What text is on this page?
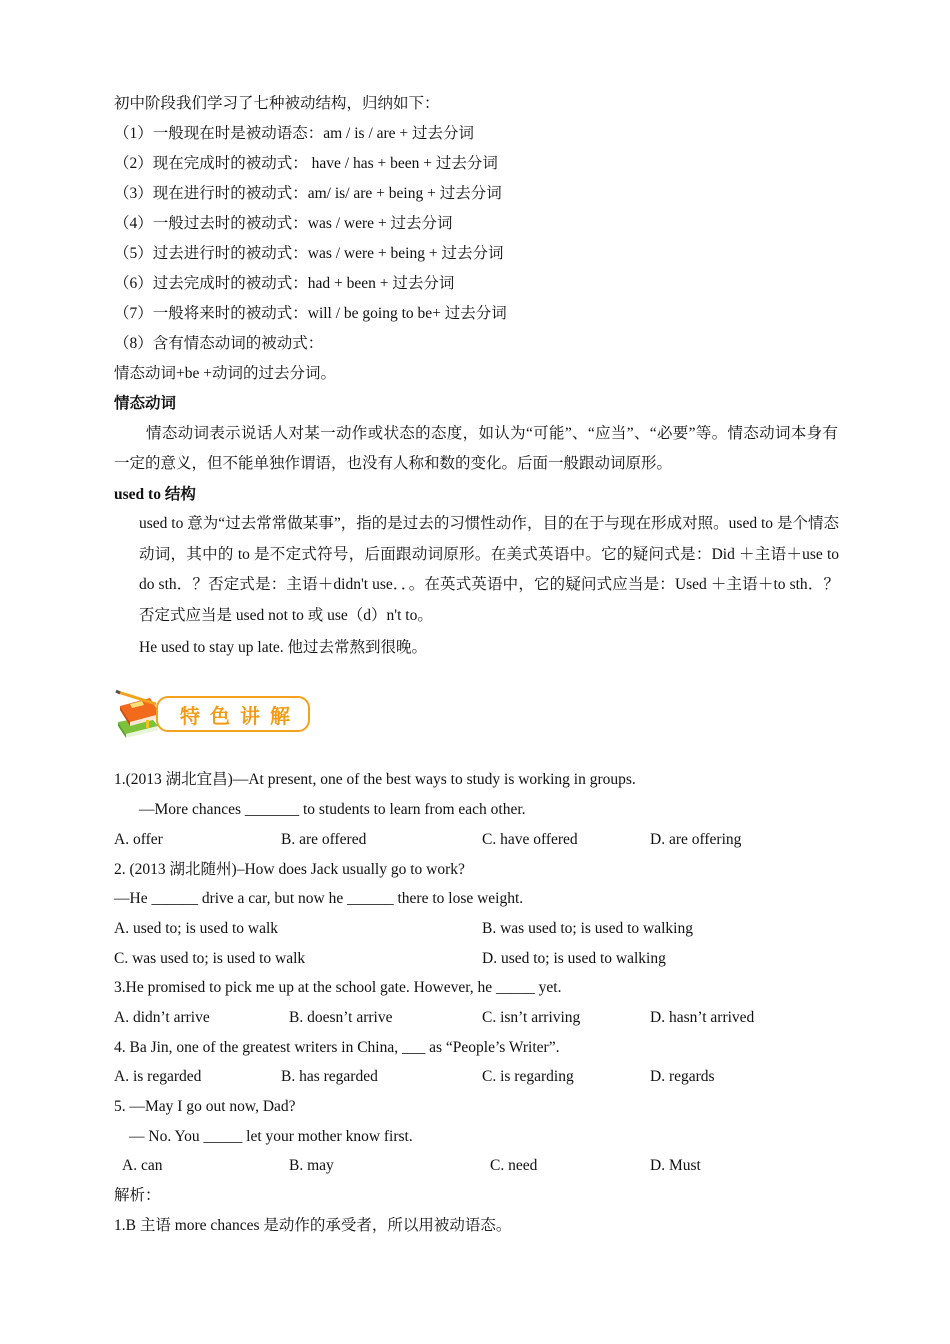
初中阶段我们学习了七种被动结构，归纳如下：
（1）一般现在时是被动语态：am / is / are + 过去分词
（2）现在完成时的被动式： have / has + been + 过去分词
（3）现在进行时的被动式：am/ is/ are + being + 过去分词
（4）一般过去时的被动式：was / were + 过去分词
（5）过去进行时的被动式：was / were + being + 过去分词
（6）过去完成时的被动式：had + been + 过去分词
（7）一般将来时的被动式：will / be going to be+ 过去分词
（8）含有情态动词的被动式：
情态动词+be +动词的过去分词。
情态动词
情态动词表示说话人对某一动作或状态的态度，如认为“可能”、“应当”、“必要”等。情态动词本身有一定的意义，但不能单独作谓语，也没有人称和数的变化。后面一般跟动词原形。
used to 结构
used to 意为“过去常常做某事”，指的是过去的习惯性动作，目的在于与现在形成对照。used to 是个情态动词，其中的 to 是不定式符号，后面跟动词原形。在美式英语中。它的疑问式是：Did ＋主语＋use to do sth．？否定式是：主语＋didn't use．．。在英式英语中，它的疑问式应当是：Used ＋主语＋to sth．？否定式应当是 used not to 或 use（d）n't to。
He used to stay up late. 他过去常熬到很晚。
特色讲解
1.(2013 湖北宜昌)—At present, one of the best ways to study is working in groups.
—More chances _______ to students to learn from each other.
A. offer	B. are offered	C. have offered	D. are offering
2. (2013 湖北随州)–How does Jack usually go to work?
—He ______ drive a car, but now he ______ there to lose weight.
A. used to; is used to walk	B. was used to; is used to walking
C. was used to; is used to walk	D. used to; is used to walking
3.He promised to pick me up at the school gate. However, he _____ yet.
A. didn’t arrive	B. doesn’t arrive	C. isn’t arriving	D. hasn’t arrived
4. Ba Jin, one of the greatest writers in China, ___ as “People’s Writer”.
A. is regarded	B. has regarded	C. is regarding	D. regards
5. —May I go out now, Dad?
— No. You _____ let your mother know first.
A. can	B. may	C. need	D. Must
解析：
1.B 主语 more chances 是动作的承受者，所以用被动语态。
